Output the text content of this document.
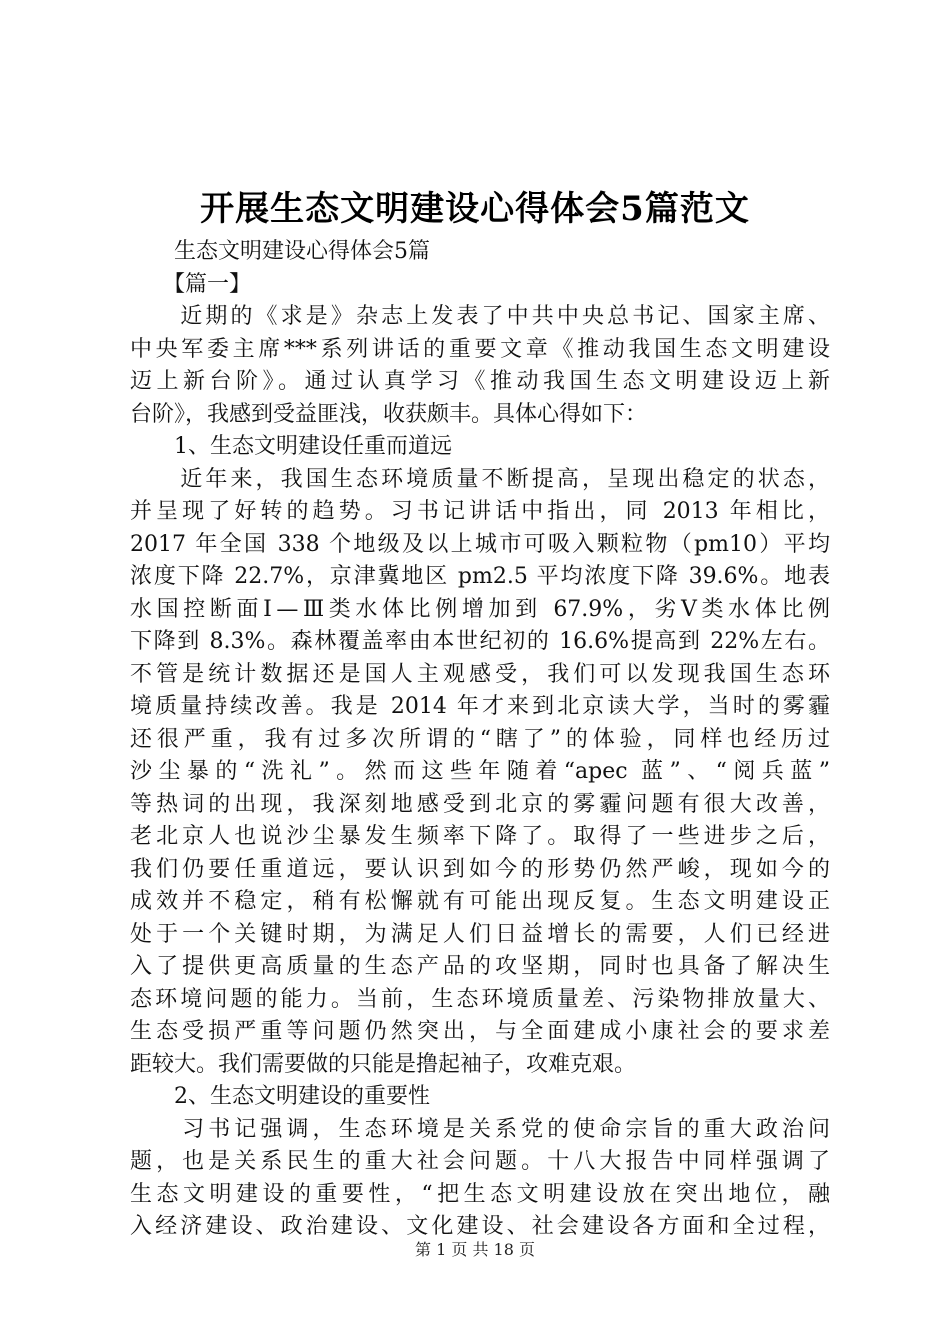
开展生态文明建设心得体会5篇范文
　　生态文明建设心得体会5篇
　　【篇一】
　　近期的《求是》杂志上发表了中共中央总书记、国家主席、
中央军委主席***系列讲话的重要文章《推动我国生态文明建设
迈上新台阶》。通过认真学习《推动我国生态文明建设迈上新
台阶》，我感到受益匪浅，收获颇丰。具体心得如下：
　　1、生态文明建设任重而道远
　　近年来，我国生态环境质量不断提高，呈现出稳定的状态，
并呈现了好转的趋势。习书记讲话中指出，同 2013 年相比，
2017 年全国 338 个地级及以上城市可吸入颗粒物（pm10）平均
浓度下降 22.7%，京津冀地区 pm2.5 平均浓度下降 39.6%。地表
水国控断面Ⅰ—Ⅲ类水体比例增加到 67.9%，劣Ⅴ类水体比例
下降到 8.3%。森林覆盖率由本世纪初的 16.6%提高到 22%左右。
不管是统计数据还是国人主观感受，我们可以发现我国生态环
境质量持续改善。我是 2014 年才来到北京读大学，当时的雾霾
还很严重，我有过多次所谓的“瞎了”的体验，同样也经历过
沙尘暴的“洗礼”。然而这些年随着“apec 蓝”、“阅兵蓝”
等热词的出现，我深刻地感受到北京的雾霾问题有很大改善，
老北京人也说沙尘暴发生频率下降了。取得了一些进步之后，
我们仍要任重道远，要认识到如今的形势仍然严峻，现如今的
成效并不稳定，稍有松懈就有可能出现反复。生态文明建设正
处于一个关键时期，为满足人们日益增长的需要，人们已经进
入了提供更高质量的生态产品的攻坚期，同时也具备了解决生
态环境问题的能力。当前，生态环境质量差、污染物排放量大、
生态受损严重等问题仍然突出，与全面建成小康社会的要求差
距较大。我们需要做的只能是撸起袖子，攻难克艰。
　　2、生态文明建设的重要性
　　习书记强调，生态环境是关系党的使命宗旨的重大政治问
题，也是关系民生的重大社会问题。十八大报告中同样强调了
生态文明建设的重要性，“把生态文明建设放在突出地位，融
入经济建设、政治建设、文化建设、社会建设各方面和全过程，
第 1 页 共 18 页
